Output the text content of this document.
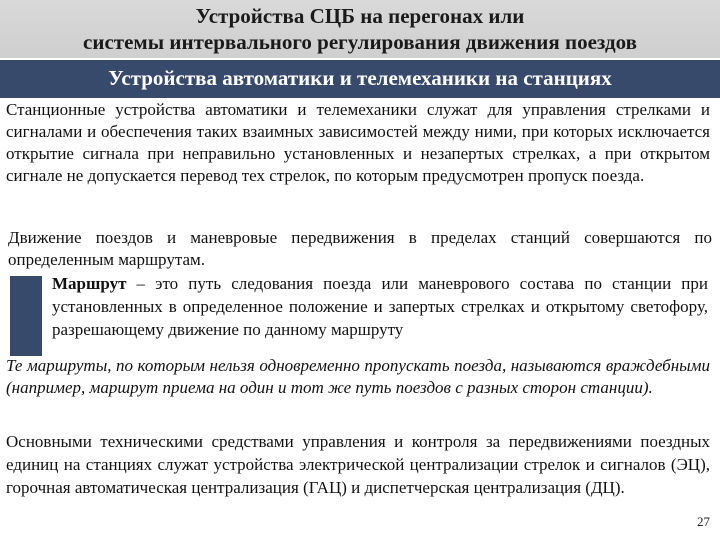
Устройства СЦБ на перегонах или
системы интервального регулирования движения поездов
Устройства автоматики и телемеханики на станциях
Станционные устройства автоматики и телемеханики служат для управления стрелками и сигналами и обеспечения таких взаимных зависимостей между ними, при которых исключается открытие сигнала при неправильно установленных и незапертых стрелках, а при открытом сигнале не допускается перевод тех стрелок, по которым предусмотрен пропуск поезда.
Движение поездов и маневровые передвижения в пределах станций совершаются по определенным маршрутам.
Маршрут – это путь следования поезда или маневрового состава по станции при установленных в определенное положение и запертых стрелках и открытому светофору, разрешающему движение по данному маршруту
Те маршруты, по которым нельзя одновременно пропускать поезда, называются враждебными (например, маршрут приема на один и тот же путь поездов с разных сторон станции).
Основными техническими средствами управления и контроля за передвижениями поездных единиц на станциях служат устройства электрической централизации стрелок и сигналов (ЭЦ), горочная автоматическая централизация (ГАЦ) и диспетчерская централизация (ДЦ).
27
